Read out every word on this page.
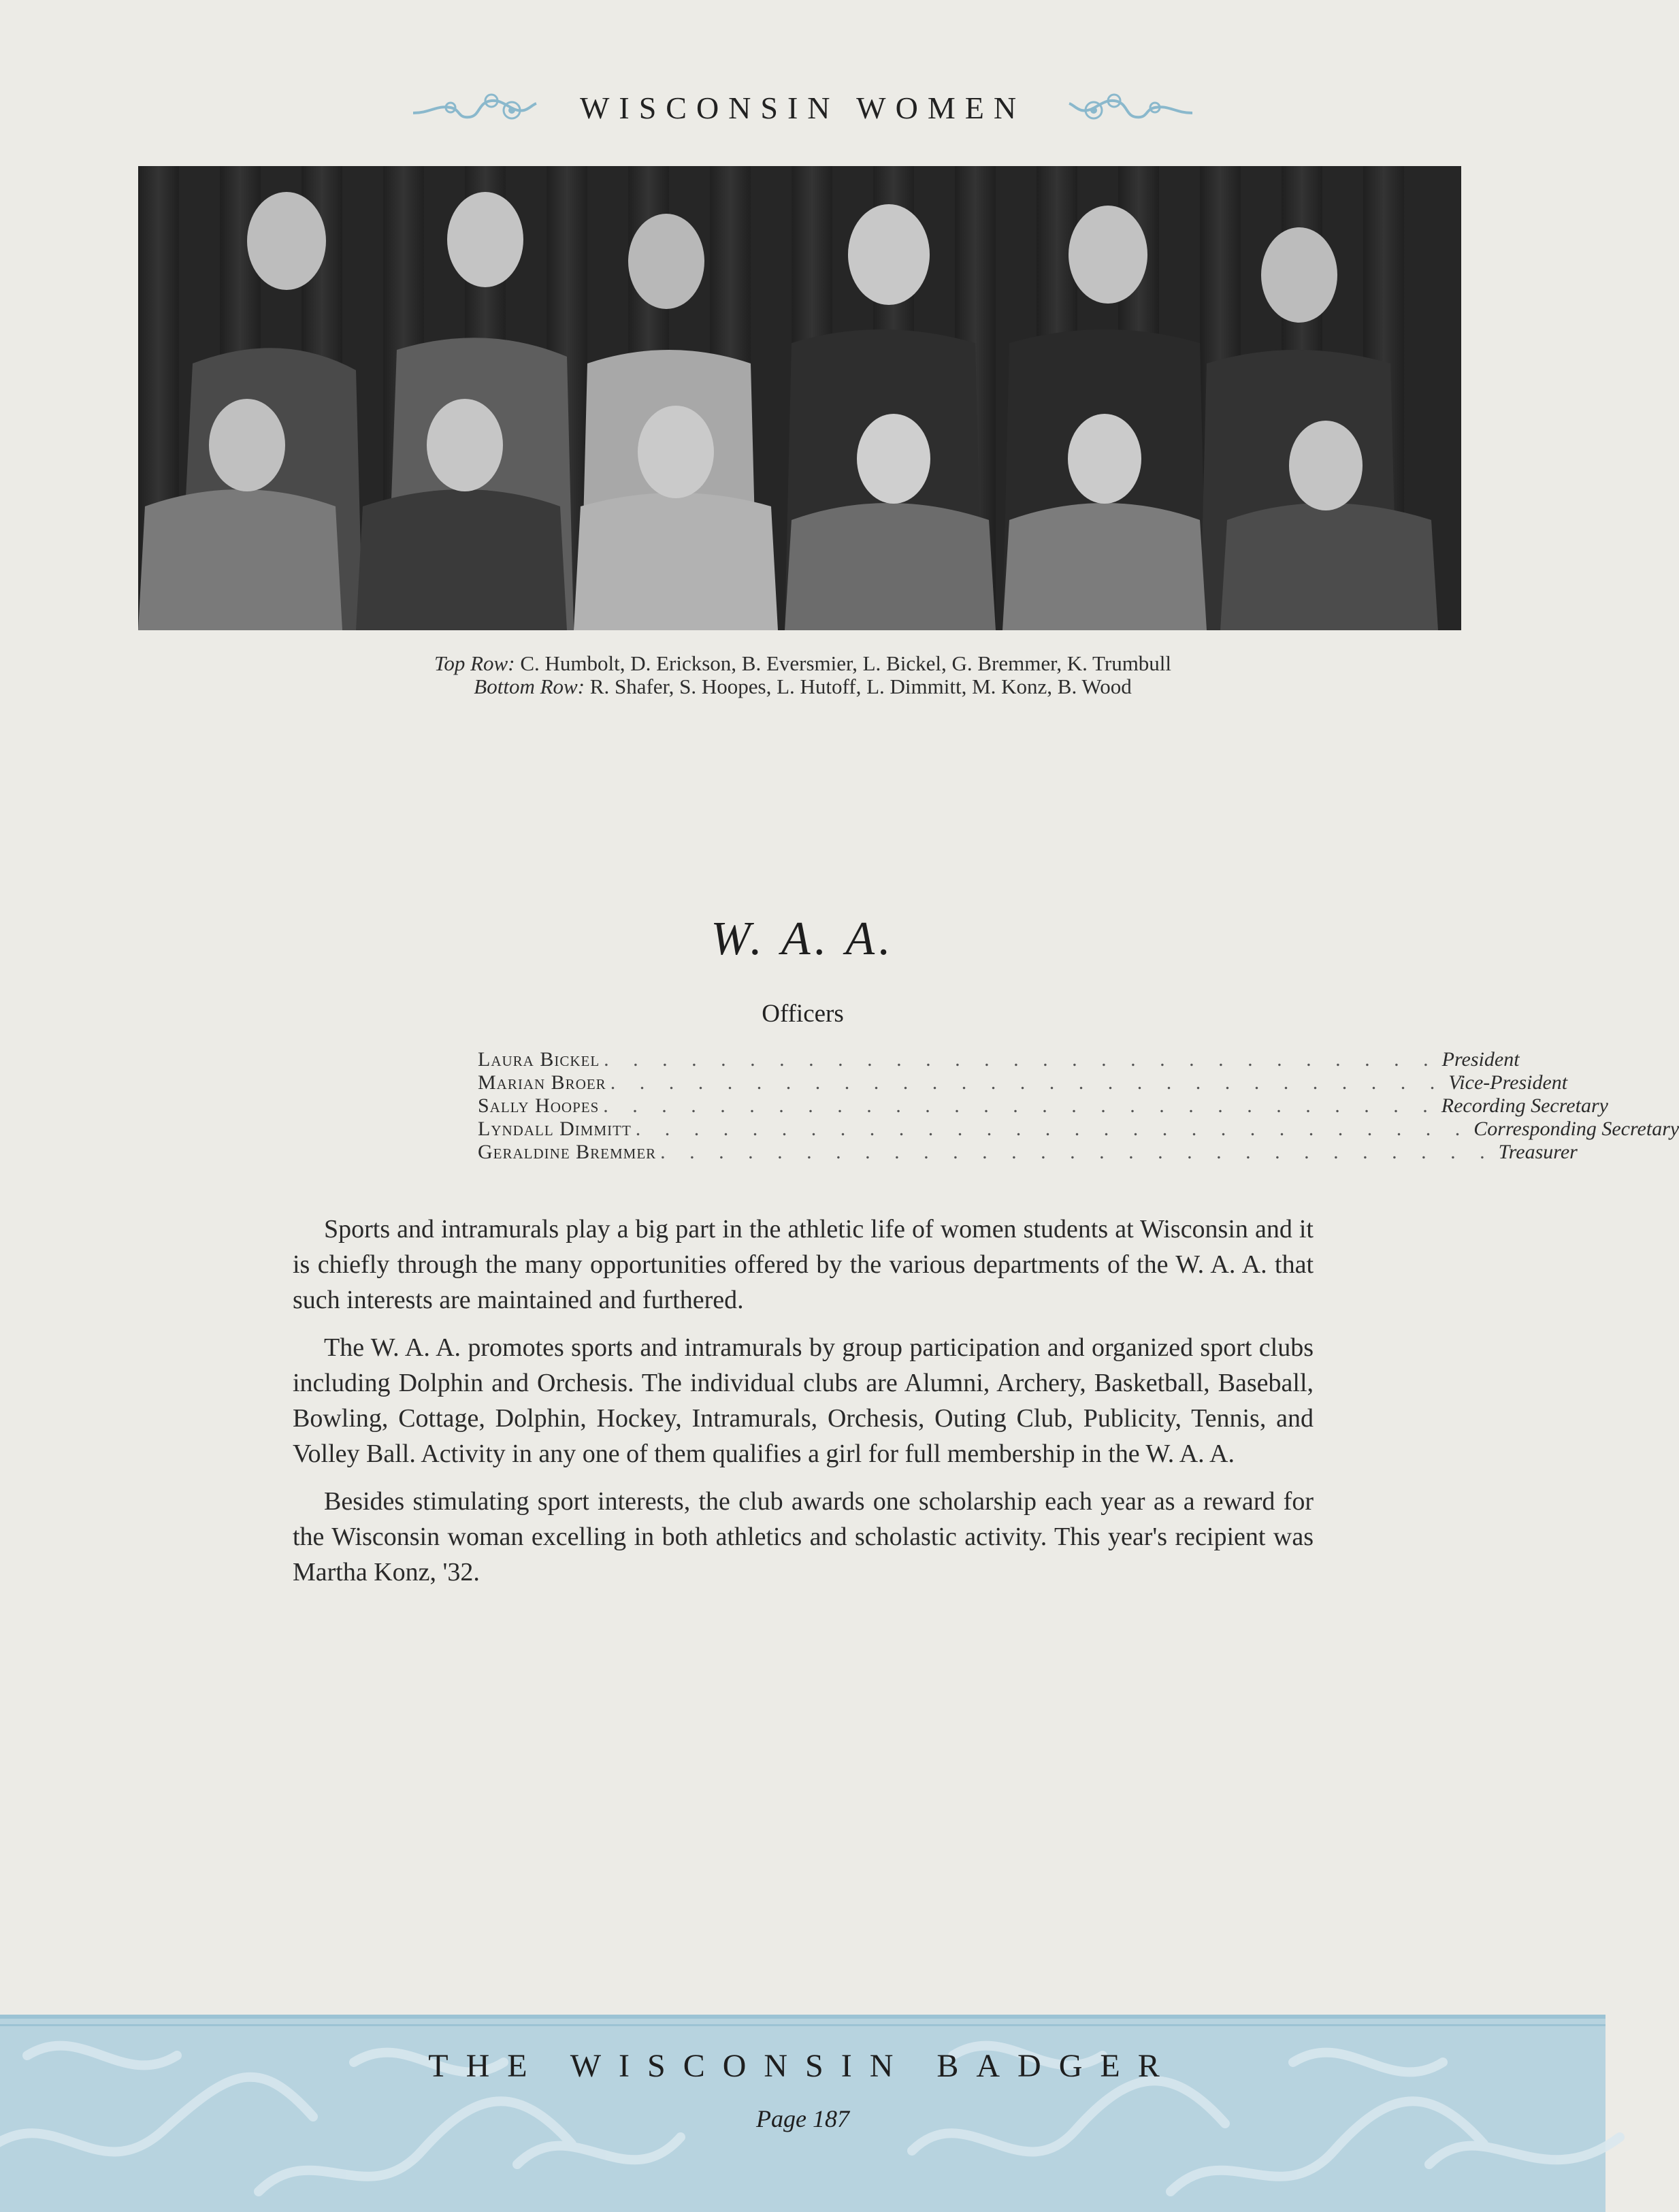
WISCONSIN WOMEN
Top Row: C. Humbolt, D. Erickson, B. Eversmier, L. Bickel, G. Bremmer, K. Trumbull
Bottom Row: R. Shafer, S. Hoopes, L. Hutoff, L. Dimmitt, M. Konz, B. Wood
W. A. A.
Officers
Laura Bickel . . . . . . . . . . . . . . . . . . . . . . . . . . . . . President
Marian Broer . . . . . . . . . . . . . . . . . . . . . . . . . . . . . Vice-President
Sally Hoopes . . . . . . . . . . . . . . . . . . . . . . . . . . . . . Recording Secretary
Lyndall Dimmitt . . . . . . . . . . . . . . . . . . . . . . . . . . . . . Corresponding Secretary
Geraldine Bremmer . . . . . . . . . . . . . . . . . . . . . . . . . . . . . Treasurer

Sports and intramurals play a big part in the athletic life of women students at Wisconsin and it is chiefly through the many opportunities offered by the various departments of the W. A. A. that such interests are maintained and furthered.

The W. A. A. promotes sports and intramurals by group participation and organized sport clubs including Dolphin and Orchesis. The individual clubs are Alumni, Archery, Basketball, Baseball, Bowling, Cottage, Dolphin, Hockey, Intramurals, Orchesis, Outing Club, Publicity, Tennis, and Volley Ball. Activity in any one of them qualifies a girl for full membership in the W. A. A.

Besides stimulating sport interests, the club awards one scholarship each year as a reward for the Wisconsin woman excelling in both athletics and scholastic activity. This year's recipient was Martha Konz, '32.

THE WISCONSIN BADGER
Page 187
